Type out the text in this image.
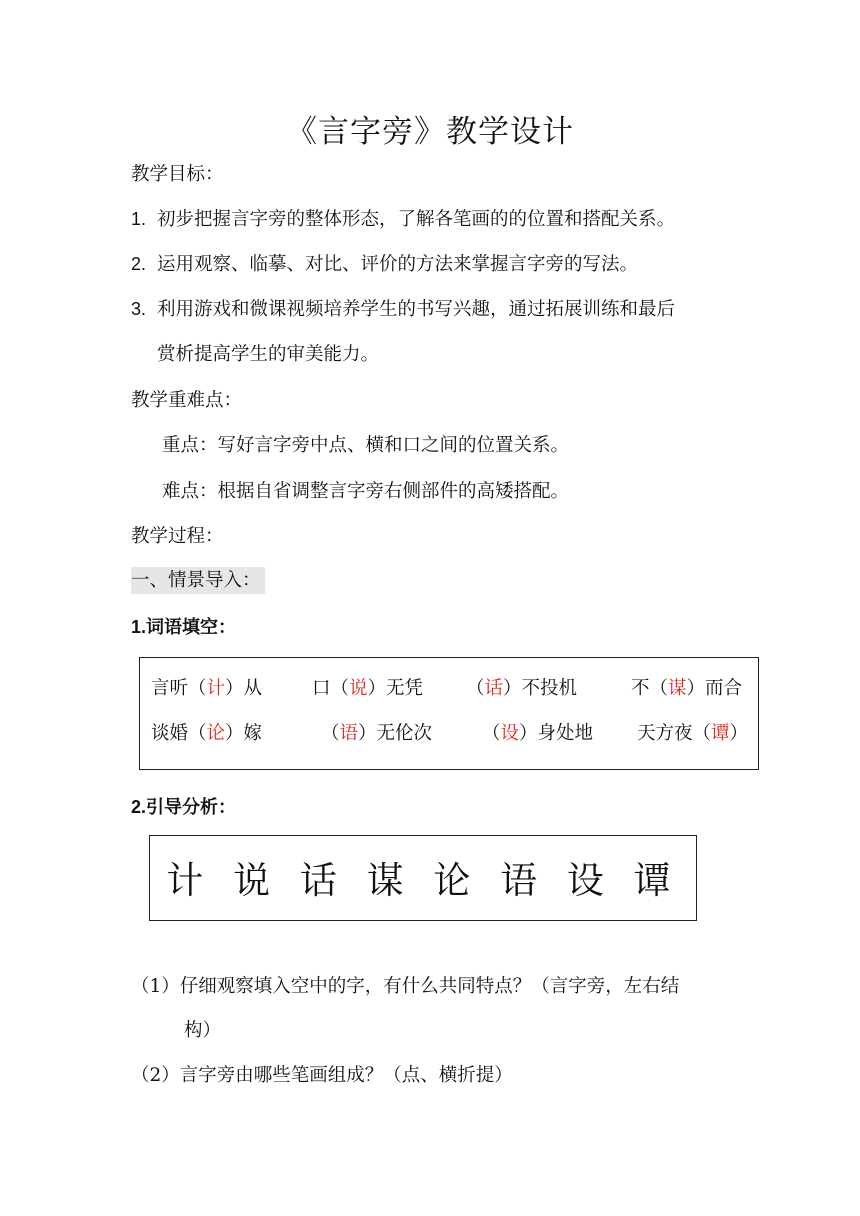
《言字旁》教学设计
教学目标：
1. 初步把握言字旁的整体形态，了解各笔画的的位置和搭配关系。
2. 运用观察、临摹、对比、评价的方法来掌握言字旁的写法。
3. 利用游戏和微课视频培养学生的书写兴趣，通过拓展训练和最后
赏析提高学生的审美能力。
教学重难点：
重点：写好言字旁中点、横和口之间的位置关系。
难点：根据自省调整言字旁右侧部件的高矮搭配。
教学过程：
一、情景导入：
1.词语填空：
言听（计）从	口（说）无凭 （话）不投机	不（谋）而合
谈婚（论）嫁	（语）无伦次	（设）身处地 天方夜（谭）
2.引导分析：
计 说 话 谋 论 语 设 谭
（1）仔细观察填入空中的字，有什么共同特点？（言字旁，左右结
构）
（2）言字旁由哪些笔画组成？（点、横折提）
